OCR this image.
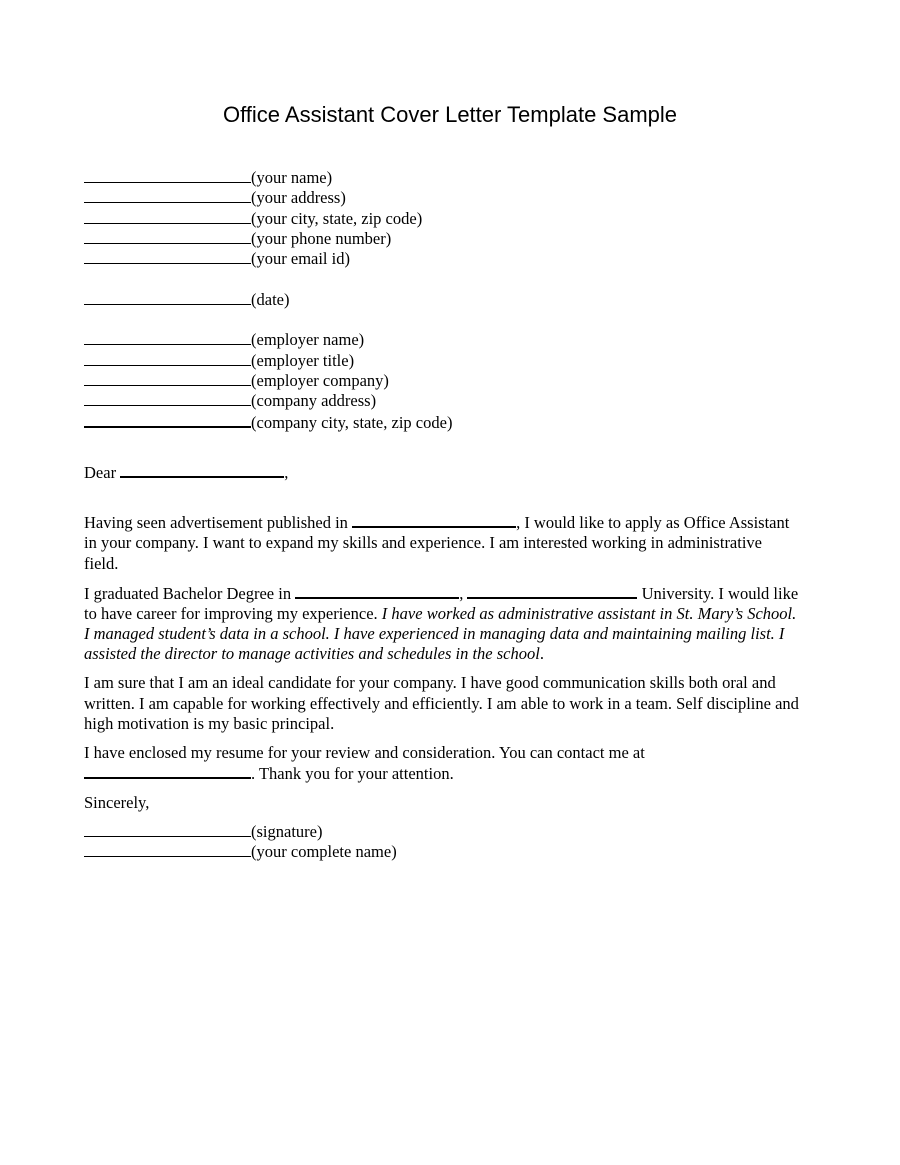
Office Assistant Cover Letter Template Sample
(your name)
(your address)
(your city, state, zip code)
(your phone number)
(your email id)
(date)
(employer name)
(employer title)
(employer company)
(company address)
(company city, state, zip code)
Dear	,

Having seen advertisement published in	, I would like to apply as Office Assistant in your company. I want to expand my skills and experience. I am interested working in administrative field.

I graduated Bachelor Degree in	,	University. I would like to have career for improving my experience. I have worked as administrative assistant in St. Mary’s School. I managed student’s data in a school. I have experienced in managing data and maintaining mailing list. I assisted the director to manage activities and schedules in the school.

I am sure that I am an ideal candidate for your company. I have good communication skills both oral and written. I am capable for working effectively and efficiently. I am able to work in a team. Self discipline and high motivation is my basic principal.

I have enclosed my resume for your review and consideration. You can contact me at
. Thank you for your attention.

Sincerely,

(signature)
(your complete name)
